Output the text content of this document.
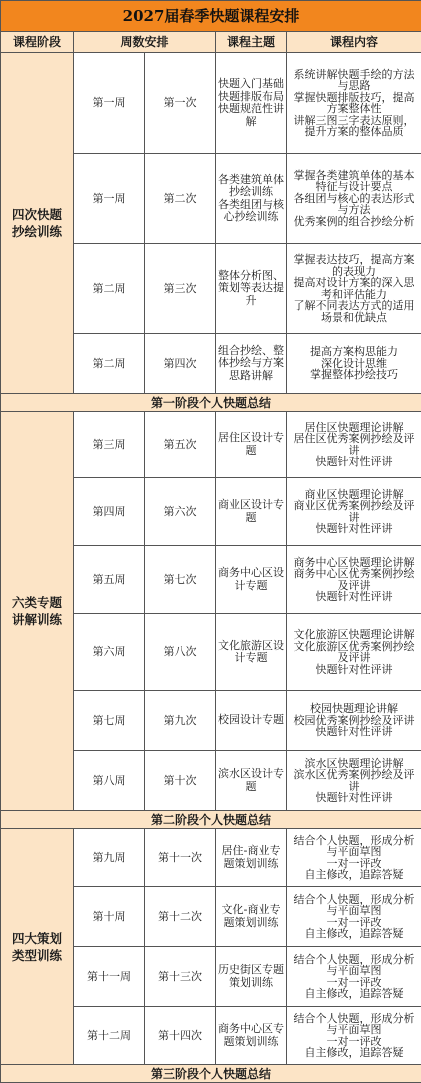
2027届春季快题课程安排				
课程阶段	周数安排		课程主题	课程内容
四次快题抄绘训练	第一周	第一次	快题入门基础
快题排版布局
快题规范性讲解	系统讲解快题手绘的方法与思路
掌握快题排版技巧，提高方案整体性
讲解三图三字表达原则，提升方案的整体品质
	第一周	第二次	各类建筑单体抄绘训练
各类组团与核心抄绘训练	掌握各类建筑单体的基本特征与设计要点
各组团与核心的表达形式与方法
优秀案例的组合抄绘分析
	第二周	第三次	整体分析图、策划等表达提升	掌握表达技巧，提高方案的表现力
提高对设计方案的深入思考和评估能力
了解不同表达方式的适用场景和优缺点
	第二周	第四次	组合抄绘、整体抄绘与方案思路讲解	提高方案构思能力
深化设计思维
掌握整体抄绘技巧
第一阶段个人快题总结				
六类专题讲解训练	第三周	第五次	居住区设计专题	居住区快题理论讲解
居住区优秀案例抄绘及评讲
快题针对性评讲
	第四周	第六次	商业区设计专题	商业区快题理论讲解
商业区优秀案例抄绘及评讲
快题针对性评讲
	第五周	第七次	商务中心区设计专题	商务中心区快题理论讲解
商务中心区优秀案例抄绘及评讲
快题针对性评讲
	第六周	第八次	文化旅游区设计专题	文化旅游区快题理论讲解
文化旅游区优秀案例抄绘及评讲
快题针对性评讲
	第七周	第九次	校园设计专题	校园快题理论讲解
校园优秀案例抄绘及评讲
快题针对性评讲
	第八周	第十次	滨水区设计专题	滨水区快题理论讲解
滨水区优秀案例抄绘及评讲
快题针对性评讲
第二阶段个人快题总结				
四大策划类型训练	第九周	第十一次	居住-商业专题策划训练	结合个人快题，形成分析与平面草图
一对一评改
自主修改，追踪答疑
	第十周	第十二次	文化-商业专题策划训练	结合个人快题，形成分析与平面草图
一对一评改
自主修改，追踪答疑
	第十一周	第十三次	历史街区专题策划训练	结合个人快题，形成分析与平面草图
一对一评改
自主修改，追踪答疑
	第十二周	第十四次	商务中心区专题策划训练	结合个人快题，形成分析与平面草图
一对一评改
自主修改，追踪答疑
第三阶段个人快题总结				
